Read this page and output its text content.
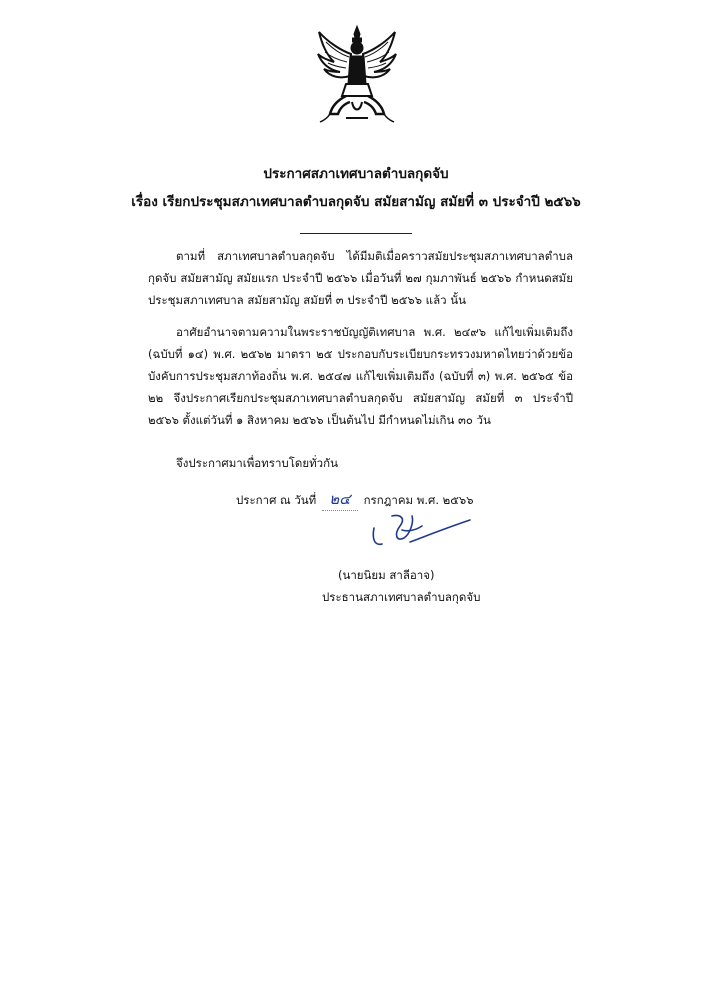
ประกาศสภาเทศบาลตำบลกุดจับ
เรื่อง เรียกประชุมสภาเทศบาลตำบลกุดจับ สมัยสามัญ สมัยที่ ๓ ประจำปี ๒๕๖๖

ตามที่ สภาเทศบาลตำบลกุดจับ ได้มีมติเมื่อคราวสมัยประชุมสภาเทศบาลตำบลกุดจับ สมัยสามัญ สมัยแรก ประจำปี ๒๕๖๖ เมื่อวันที่ ๒๗ กุมภาพันธ์ ๒๕๖๖ กำหนดสมัยประชุมสภาเทศบาล สมัยสามัญ สมัยที่ ๓ ประจำปี ๒๕๖๖ แล้ว นั้น

อาศัยอำนาจตามความในพระราชบัญญัติเทศบาล พ.ศ. ๒๔๙๖ แก้ไขเพิ่มเติมถึง (ฉบับที่ ๑๔) พ.ศ. ๒๕๖๒ มาตรา ๒๕ ประกอบกับระเบียบกระทรวงมหาดไทยว่าด้วยข้อบังคับการประชุมสภาท้องถิ่น พ.ศ. ๒๕๔๗ แก้ไขเพิ่มเติมถึง (ฉบับที่ ๓) พ.ศ. ๒๕๖๕ ข้อ ๒๒ จึงประกาศเรียกประชุมสภาเทศบาลตำบลกุดจับ สมัยสามัญ สมัยที่ ๓ ประจำปี ๒๕๖๖ ตั้งแต่วันที่ ๑ สิงหาคม ๒๕๖๖ เป็นต้นไป มีกำหนดไม่เกิน ๓๐ วัน

จึงประกาศมาเพื่อทราบโดยทั่วกัน
ประกาศ ณ วันที่ ๒๔ กรกฎาคม พ.ศ. ๒๕๖๖
(นายนิยม สาลีอาจ)
ประธานสภาเทศบาลตำบลกุดจับ
